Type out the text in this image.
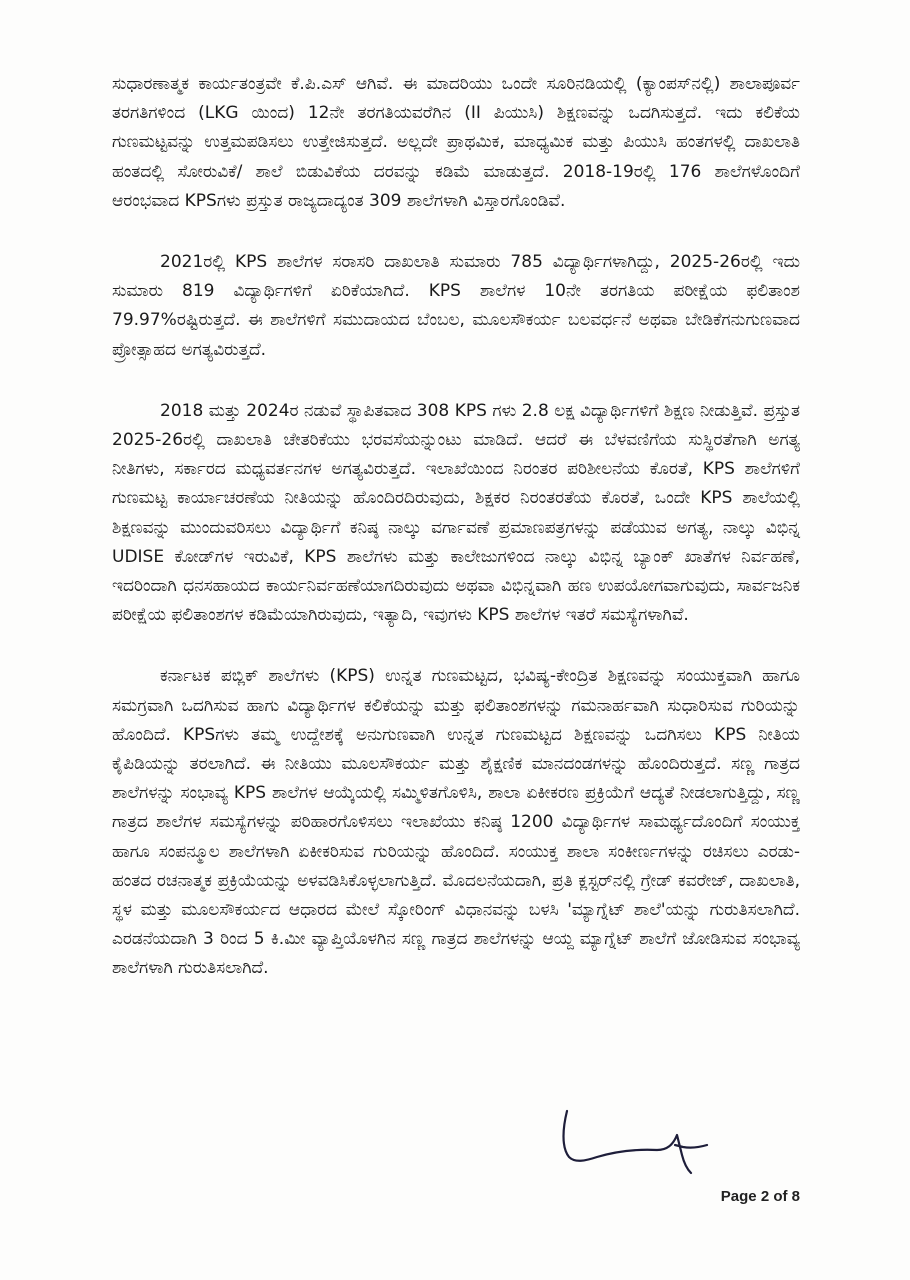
ಸುಧಾರಣಾತ್ಮಕ ಕಾರ್ಯತಂತ್ರವೇ ಕೆ.ಪಿ.ಎಸ್ ಆಗಿವೆ. ಈ ಮಾದರಿಯು ಒಂದೇ ಸೂರಿನಡಿಯಲ್ಲಿ (ಕ್ಯಾಂಪಸ್‌ನಲ್ಲಿ) ಶಾಲಾಪೂರ್ವ ತರಗತಿಗಳಿಂದ (LKG ಯಿಂದ) 12ನೇ ತರಗತಿಯವರೆಗಿನ (II ಪಿಯುಸಿ) ಶಿಕ್ಷಣವನ್ನು ಒದಗಿಸುತ್ತದೆ. ಇದು ಕಲಿಕೆಯ ಗುಣಮಟ್ಟವನ್ನು ಉತ್ತಮಪಡಿಸಲು ಉತ್ತೇಜಿಸುತ್ತದೆ. ಅಲ್ಲದೇ ಪ್ರಾಥಮಿಕ, ಮಾಧ್ಯಮಿಕ ಮತ್ತು ಪಿಯುಸಿ ಹಂತಗಳಲ್ಲಿ ದಾಖಲಾತಿ ಹಂತದಲ್ಲಿ ಸೋರುವಿಕೆ/ ಶಾಲೆ ಬಿಡುವಿಕೆಯ ದರವನ್ನು ಕಡಿಮೆ ಮಾಡುತ್ತದೆ. 2018-19ರಲ್ಲಿ 176 ಶಾಲೆಗಳೊಂದಿಗೆ ಆರಂಭವಾದ KPSಗಳು ಪ್ರಸ್ತುತ ರಾಜ್ಯದಾದ್ಯಂತ 309 ಶಾಲೆಗಳಾಗಿ ವಿಸ್ತಾರಗೊಂಡಿವೆ.

2021ರಲ್ಲಿ KPS ಶಾಲೆಗಳ ಸರಾಸರಿ ದಾಖಲಾತಿ ಸುಮಾರು 785 ವಿದ್ಯಾರ್ಥಿಗಳಾಗಿದ್ದು, 2025-26ರಲ್ಲಿ ಇದು ಸುಮಾರು 819 ವಿದ್ಯಾರ್ಥಿಗಳಿಗೆ ಏರಿಕೆಯಾಗಿದೆ. KPS ಶಾಲೆಗಳ 10ನೇ ತರಗತಿಯ ಪರೀಕ್ಷೆಯ ಫಲಿತಾಂಶ 79.97%ರಷ್ಟಿರುತ್ತದೆ. ಈ ಶಾಲೆಗಳಿಗೆ ಸಮುದಾಯದ ಬೆಂಬಲ, ಮೂಲಸೌಕರ್ಯ ಬಲವರ್ಧನೆ ಅಥವಾ ಬೇಡಿಕೆಗನುಗುಣವಾದ ಪ್ರೋತ್ಸಾಹದ ಅಗತ್ಯವಿರುತ್ತದೆ.

2018 ಮತ್ತು 2024ರ ನಡುವೆ ಸ್ಥಾಪಿತವಾದ 308 KPS ಗಳು 2.8 ಲಕ್ಷ ವಿದ್ಯಾರ್ಥಿಗಳಿಗೆ ಶಿಕ್ಷಣ ನೀಡುತ್ತಿವೆ. ಪ್ರಸ್ತುತ 2025-26ರಲ್ಲಿ ದಾಖಲಾತಿ ಚೇತರಿಕೆಯು ಭರವಸೆಯನ್ನುಂಟು ಮಾಡಿದೆ. ಆದರೆ ಈ ಬೆಳವಣಿಗೆಯ ಸುಸ್ಥಿರತೆಗಾಗಿ ಅಗತ್ಯ ನೀತಿಗಳು, ಸರ್ಕಾರದ ಮಧ್ಯವರ್ತನಗಳ ಅಗತ್ಯವಿರುತ್ತದೆ. ಇಲಾಖೆಯಿಂದ ನಿರಂತರ ಪರಿಶೀಲನೆಯ ಕೊರತೆ, KPS ಶಾಲೆಗಳಿಗೆ ಗುಣಮಟ್ಟ ಕಾರ್ಯಾಚರಣೆಯ ನೀತಿಯನ್ನು ಹೊಂದಿರದಿರುವುದು, ಶಿಕ್ಷಕರ ನಿರಂತರತೆಯ ಕೊರತೆ, ಒಂದೇ KPS ಶಾಲೆಯಲ್ಲಿ ಶಿಕ್ಷಣವನ್ನು ಮುಂದುವರಿಸಲು ವಿದ್ಯಾರ್ಥಿಗೆ ಕನಿಷ್ಠ ನಾಲ್ಕು ವರ್ಗಾವಣೆ ಪ್ರಮಾಣಪತ್ರಗಳನ್ನು ಪಡೆಯುವ ಅಗತ್ಯ, ನಾಲ್ಕು ವಿಭಿನ್ನ UDISE ಕೋಡ್‌ಗಳ ಇರುವಿಕೆ, KPS ಶಾಲೆಗಳು ಮತ್ತು ಕಾಲೇಜುಗಳಿಂದ ನಾಲ್ಕು ವಿಭಿನ್ನ ಬ್ಯಾಂಕ್ ಖಾತೆಗಳ ನಿರ್ವಹಣೆ, ಇದರಿಂದಾಗಿ ಧನಸಹಾಯದ ಕಾರ್ಯನಿರ್ವಹಣೆಯಾಗದಿರುವುದು ಅಥವಾ ವಿಭಿನ್ನವಾಗಿ ಹಣ ಉಪಯೋಗವಾಗುವುದು, ಸಾರ್ವಜನಿಕ ಪರೀಕ್ಷೆಯ ಫಲಿತಾಂಶಗಳ ಕಡಿಮೆಯಾಗಿರುವುದು, ಇತ್ಯಾದಿ, ಇವುಗಳು KPS ಶಾಲೆಗಳ ಇತರೆ ಸಮಸ್ಯೆಗಳಾಗಿವೆ.

ಕರ್ನಾಟಕ ಪಬ್ಲಿಕ್ ಶಾಲೆಗಳು (KPS) ಉನ್ನತ ಗುಣಮಟ್ಟದ, ಭವಿಷ್ಯ-ಕೇಂದ್ರಿತ ಶಿಕ್ಷಣವನ್ನು ಸಂಯುಕ್ತವಾಗಿ ಹಾಗೂ ಸಮಗ್ರವಾಗಿ ಒದಗಿಸುವ ಹಾಗು ವಿದ್ಯಾರ್ಥಿಗಳ ಕಲಿಕೆಯನ್ನು ಮತ್ತು ಫಲಿತಾಂಶಗಳನ್ನು ಗಮನಾರ್ಹವಾಗಿ ಸುಧಾರಿಸುವ ಗುರಿಯನ್ನು ಹೊಂದಿದೆ. KPSಗಳು ತಮ್ಮ ಉದ್ದೇಶಕ್ಕೆ ಅನುಗುಣವಾಗಿ ಉನ್ನತ ಗುಣಮಟ್ಟದ ಶಿಕ್ಷಣವನ್ನು ಒದಗಿಸಲು KPS ನೀತಿಯ ಕೈಪಿಡಿಯನ್ನು ತರಲಾಗಿದೆ. ಈ ನೀತಿಯು ಮೂಲಸೌಕರ್ಯ ಮತ್ತು ಶೈಕ್ಷಣಿಕ ಮಾನದಂಡಗಳನ್ನು ಹೊಂದಿರುತ್ತದೆ. ಸಣ್ಣ ಗಾತ್ರದ ಶಾಲೆಗಳನ್ನು ಸಂಭಾವ್ಯ KPS ಶಾಲೆಗಳ ಆಯ್ಕೆಯಲ್ಲಿ ಸಮ್ಮಿಳಿತಗೊಳಿಸಿ, ಶಾಲಾ ಏಕೀಕರಣ ಪ್ರಕ್ರಿಯೆಗೆ ಆದ್ಯತೆ ನೀಡಲಾಗುತ್ತಿದ್ದು, ಸಣ್ಣ ಗಾತ್ರದ ಶಾಲೆಗಳ ಸಮಸ್ಯೆಗಳನ್ನು ಪರಿಹಾರಗೊಳಿಸಲು ಇಲಾಖೆಯು ಕನಿಷ್ಠ 1200 ವಿದ್ಯಾರ್ಥಿಗಳ ಸಾಮರ್ಥ್ಯದೊಂದಿಗೆ ಸಂಯುಕ್ತ ಹಾಗೂ ಸಂಪನ್ಮೂಲ ಶಾಲೆಗಳಾಗಿ ಏಕೀಕರಿಸುವ ಗುರಿಯನ್ನು ಹೊಂದಿದೆ. ಸಂಯುಕ್ತ ಶಾಲಾ ಸಂಕೀರ್ಣಗಳನ್ನು ರಚಿಸಲು ಎರಡು-ಹಂತದ ರಚನಾತ್ಮಕ ಪ್ರಕ್ರಿಯೆಯನ್ನು ಅಳವಡಿಸಿಕೊಳ್ಳಲಾಗುತ್ತಿದೆ. ಮೊದಲನೆಯದಾಗಿ, ಪ್ರತಿ ಕ್ಲಸ್ಟರ್‌ನಲ್ಲಿ ಗ್ರೇಡ್ ಕವರೇಜ್, ದಾಖಲಾತಿ, ಸ್ಥಳ ಮತ್ತು ಮೂಲಸೌಕರ್ಯದ ಆಧಾರದ ಮೇಲೆ ಸ್ಕೋರಿಂಗ್ ವಿಧಾನವನ್ನು ಬಳಸಿ 'ಮ್ಯಾಗ್ನೆಟ್ ಶಾಲೆ'ಯನ್ನು ಗುರುತಿಸಲಾಗಿದೆ. ಎರಡನೆಯದಾಗಿ 3 ರಿಂದ 5 ಕಿ.ಮೀ ವ್ಯಾಪ್ತಿಯೊಳಗಿನ ಸಣ್ಣ ಗಾತ್ರದ ಶಾಲೆಗಳನ್ನು ಆಯ್ದ ಮ್ಯಾಗ್ನೆಟ್ ಶಾಲೆಗೆ ಜೋಡಿಸುವ ಸಂಭಾವ್ಯ ಶಾಲೆಗಳಾಗಿ ಗುರುತಿಸಲಾಗಿದೆ.

Page 2 of 8
